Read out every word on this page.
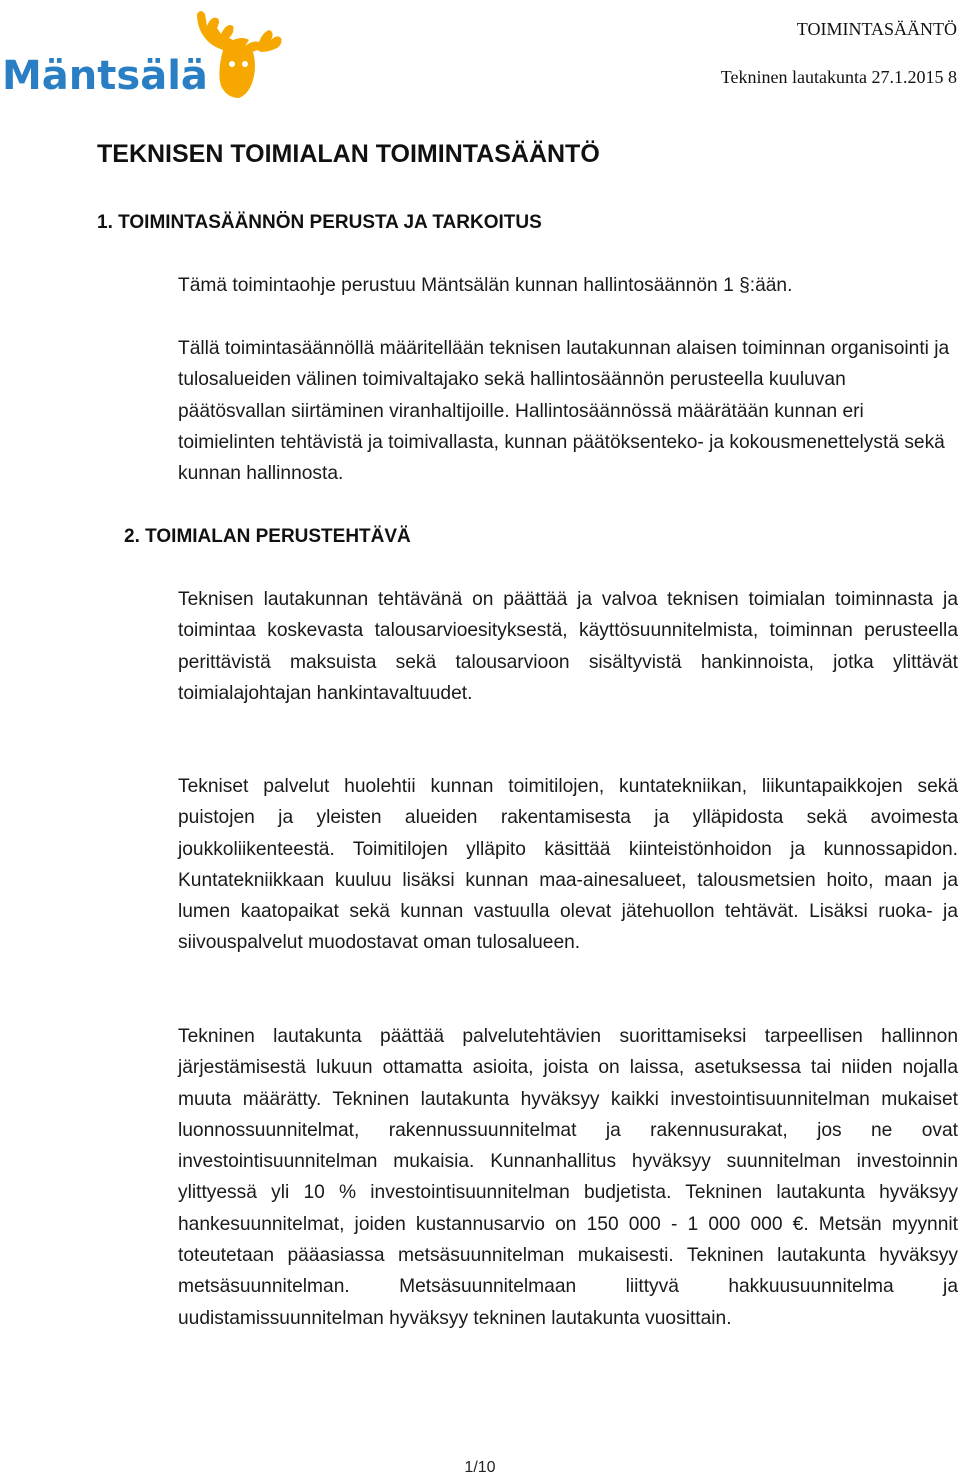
Mäntsälä
TOIMINTASÄÄNTÖ
Tekninen lautakunta 27.1.2015 8
TEKNISEN TOIMIALAN TOIMINTASÄÄNTÖ
1. TOIMINTASÄÄNNÖN PERUSTA JA TARKOITUS
Tämä toimintaohje perustuu Mäntsälän kunnan hallintosäännön 1 §:ään.
Tällä toimintasäännöllä määritellään teknisen lautakunnan alaisen toiminnan organisointi ja tulosalueiden välinen toimivaltajako sekä hallintosäännön perusteella kuuluvan päätösvallan siirtäminen viranhaltijoille. Hallintosäännössä määrätään kunnan eri toimielinten tehtävistä ja toimivallasta, kunnan päätöksenteko- ja kokousmenettelystä sekä kunnan hallinnosta.
2. TOIMIALAN PERUSTEHTÄVÄ
Teknisen lautakunnan tehtävänä on päättää ja valvoa teknisen toimialan toiminnasta ja toimintaa koskevasta talousarvioesityksestä, käyttösuunnitelmista, toiminnan perusteella perittävistä maksuista sekä talousarvioon sisältyvistä hankinnoista, jotka ylittävät toimialajohtajan hankintavaltuudet.
Tekniset palvelut huolehtii kunnan toimitilojen, kuntatekniikan, liikuntapaikkojen sekä puistojen ja yleisten alueiden rakentamisesta ja ylläpidosta sekä avoimesta joukkoliikenteestä. Toimitilojen ylläpito käsittää kiinteistönhoidon ja kunnossapidon. Kuntatekniikkaan kuuluu lisäksi kunnan maa-ainesalueet, talousmetsien hoito, maan ja lumen kaatopaikat sekä kunnan vastuulla olevat jätehuollon tehtävät. Lisäksi ruoka- ja siivouspalvelut muodostavat oman tulosalueen.
Tekninen lautakunta päättää palvelutehtävien suorittamiseksi tarpeellisen hallinnon järjestämisestä lukuun ottamatta asioita, joista on laissa, asetuksessa tai niiden nojalla muuta määrätty. Tekninen lautakunta hyväksyy kaikki investointisuunnitelman mukaiset luonnossuunnitelmat, rakennussuunnitelmat ja rakennusurakat, jos ne ovat investointisuunnitelman mukaisia. Kunnanhallitus hyväksyy suunnitelman investoinnin ylittyessä yli 10 % investointisuunnitelman budjetista. Tekninen lautakunta hyväksyy hankesuunnitelmat, joiden kustannusarvio on 150 000 - 1 000 000 €. Metsän myynnit toteutetaan pääasiassa metsäsuunnitelman mukaisesti. Tekninen lautakunta hyväksyy metsäsuunnitelman. Metsäsuunnitelmaan liittyvä hakkuusuunnitelma ja uudistamissuunnitelman hyväksyy tekninen lautakunta vuosittain.
1/10
